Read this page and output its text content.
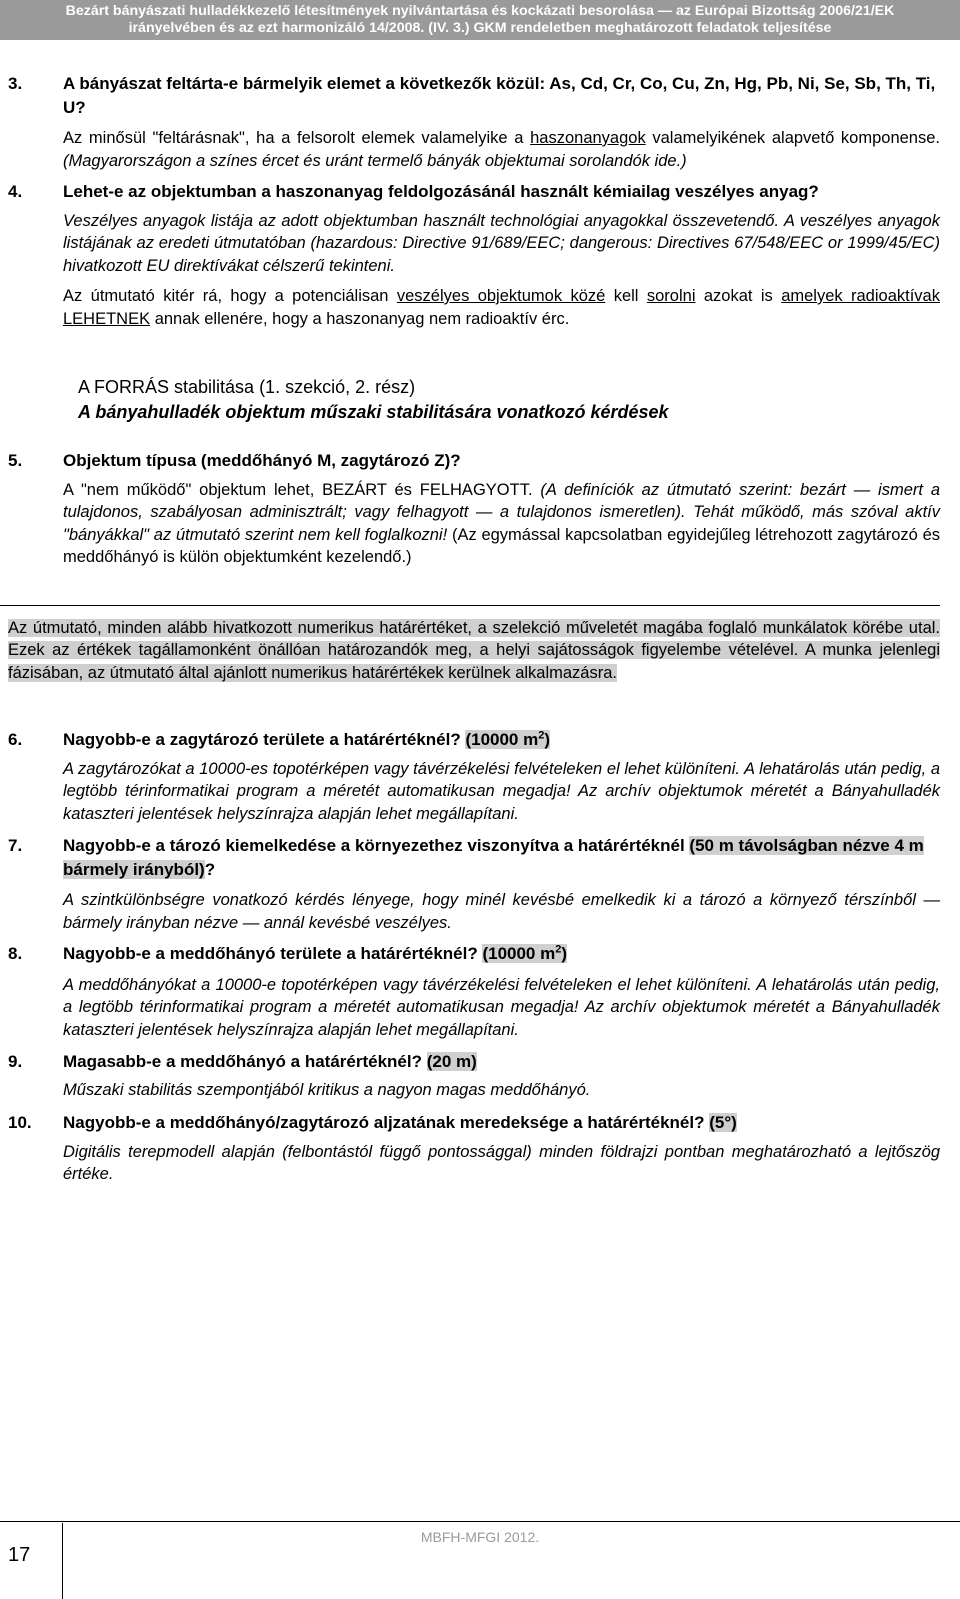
Bezárt bányászati hulladékkezelő létesítmények nyilvántartása és kockázati besorolása — az Európai Bizottság 2006/21/EK
irányelvében és az ezt harmonizáló 14/2008. (IV. 3.) GKM rendeletben meghatározott feladatok teljesítése

3. A bányászat feltárta-e bármelyik elemet a következők közül: As, Cd, Cr, Co, Cu, Zn, Hg, Pb, Ni, Se, Sb, Th, Ti, U?

Az minősül "feltárásnak", ha a felsorolt elemek valamelyike a haszonanyagok valamelyikének alapvető komponense. (Magyarországon a színes ércet és uránt termelő bányák objektumai sorolandók ide.)

4. Lehet-e az objektumban a haszonanyag feldolgozásánál használt kémiailag veszélyes anyag?

Veszélyes anyagok listája az adott objektumban használt technológiai anyagokkal összevetendő. A veszélyes anyagok listájának az eredeti útmutatóban (hazardous: Directive 91/689/EEC; dangerous: Directives 67/548/EEC or 1999/45/EC) hivatkozott EU direktívákat célszerű tekinteni.

Az útmutató kitér rá, hogy a potenciálisan veszélyes objektumok közé kell sorolni azokat is amelyek radioaktívak LEHETNEK annak ellenére, hogy a haszonanyag nem radioaktív érc.

A FORRÁS stabilitása (1. szekció, 2. rész)

A bányahulladék objektum műszaki stabilitására vonatkozó kérdések

5. Objektum típusa (meddőhányó M, zagytározó Z)?

A "nem működő" objektum lehet, BEZÁRT és FELHAGYOTT. (A definíciók az útmutató szerint: bezárt — ismert a tulajdonos, szabályosan adminisztrált; vagy felhagyott — a tulajdonos ismeretlen). Tehát működő, más szóval aktív "bányákkal" az útmutató szerint nem kell foglalkozni! (Az egymással kapcsolatban egyidejűleg létrehozott zagytározó és meddőhányó is külön objektumként kezelendő.)

Az útmutató, minden alább hivatkozott numerikus határértéket, a szelekció műveletét magába foglaló munkálatok körébe utal. Ezek az értékek tagállamonként önállóan határozandók meg, a helyi sajátosságok figyelembe vételével. A munka jelenlegi fázisában, az útmutató által ajánlott numerikus határértékek kerülnek alkalmazásra.

6. Nagyobb-e a zagytározó területe a határértéknél? (10000 $m^2$)

A zagytározókat a 10000-es topotérképen vagy távérzékelési felvételeken el lehet különíteni. A lehatárolás után pedig, a legtöbb térinformatikai program a méretét automatikusan megadja! Az archív objektumok méretét a Bányahulladék kataszteri jelentések helyszínrajza alapján lehet megállapítani.

7. Nagyobb-e a tározó kiemelkedése a környezethez viszonyítva a határértéknél (50 m távolságban nézve 4 m bármely irányból)?

A szintkülönbségre vonatkozó kérdés lényege, hogy minél kevésbé emelkedik ki a tározó a környező térszínből — bármely irányban nézve — annál kevésbé veszélyes.

8. Nagyobb-e a meddőhányó területe a határértéknél? (10000 $m^2$)

A meddőhányókat a 10000-e topotérképen vagy távérzékelési felvételeken el lehet különíteni. A lehatárolás után pedig, a legtöbb térinformatikai program a méretét automatikusan megadja! Az archív objektumok méretét a Bányahulladék kataszteri jelentések helyszínrajza alapján lehet megállapítani.

9. Magasabb-e a meddőhányó a határértéknél? (20 m)

Műszaki stabilitás szempontjából kritikus a nagyon magas meddőhányó.

10. Nagyobb-e a meddőhányó/zagytározó aljzatának meredeksége a határértéknél? (5°)

Digitális terepmodell alapján (felbontástól függő pontossággal) minden földrajzi pontban meghatározható a lejtőszög értéke.

MBFH-MFGI 2012.
17
